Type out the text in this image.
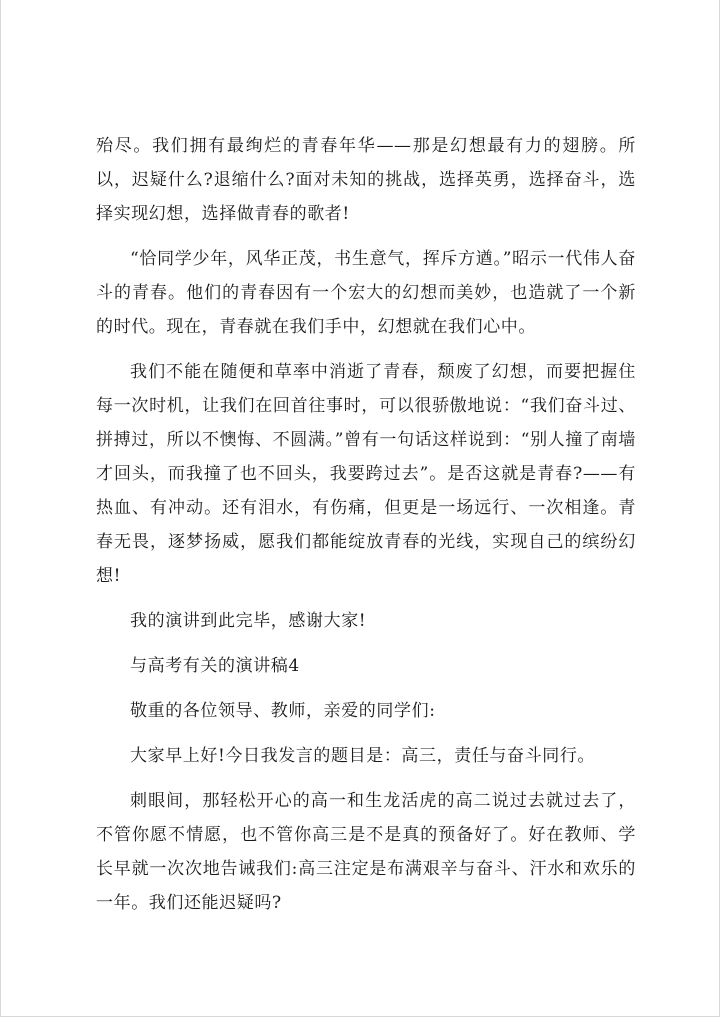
殆尽。我们拥有最绚烂的青春年华——那是幻想最有力的翅膀。所以，迟疑什么?退缩什么?面对未知的挑战，选择英勇，选择奋斗，选择实现幻想，选择做青春的歌者!

“恰同学少年，风华正茂，书生意气，挥斥方遒。”昭示一代伟人奋斗的青春。他们的青春因有一个宏大的幻想而美妙，也造就了一个新的时代。现在，青春就在我们手中，幻想就在我们心中。

我们不能在随便和草率中消逝了青春，颓废了幻想，而要把握住每一次时机，让我们在回首往事时，可以很骄傲地说：“我们奋斗过、拼搏过，所以不懊悔、不圆满。”曾有一句话这样说到：“别人撞了南墙才回头，而我撞了也不回头，我要跨过去”。是否这就是青春?——有热血、有冲动。还有泪水，有伤痛，但更是一场远行、一次相逢。青春无畏，逐梦扬威，愿我们都能绽放青春的光线，实现自己的缤纷幻想!

我的演讲到此完毕，感谢大家!

与高考有关的演讲稿4

敬重的各位领导、教师，亲爱的同学们:

大家早上好!今日我发言的题目是：高三，责任与奋斗同行。

刺眼间，那轻松开心的高一和生龙活虎的高二说过去就过去了，不管你愿不情愿，也不管你高三是不是真的预备好了。好在教师、学长早就一次次地告诫我们:高三注定是布满艰辛与奋斗、汗水和欢乐的一年。我们还能迟疑吗?
